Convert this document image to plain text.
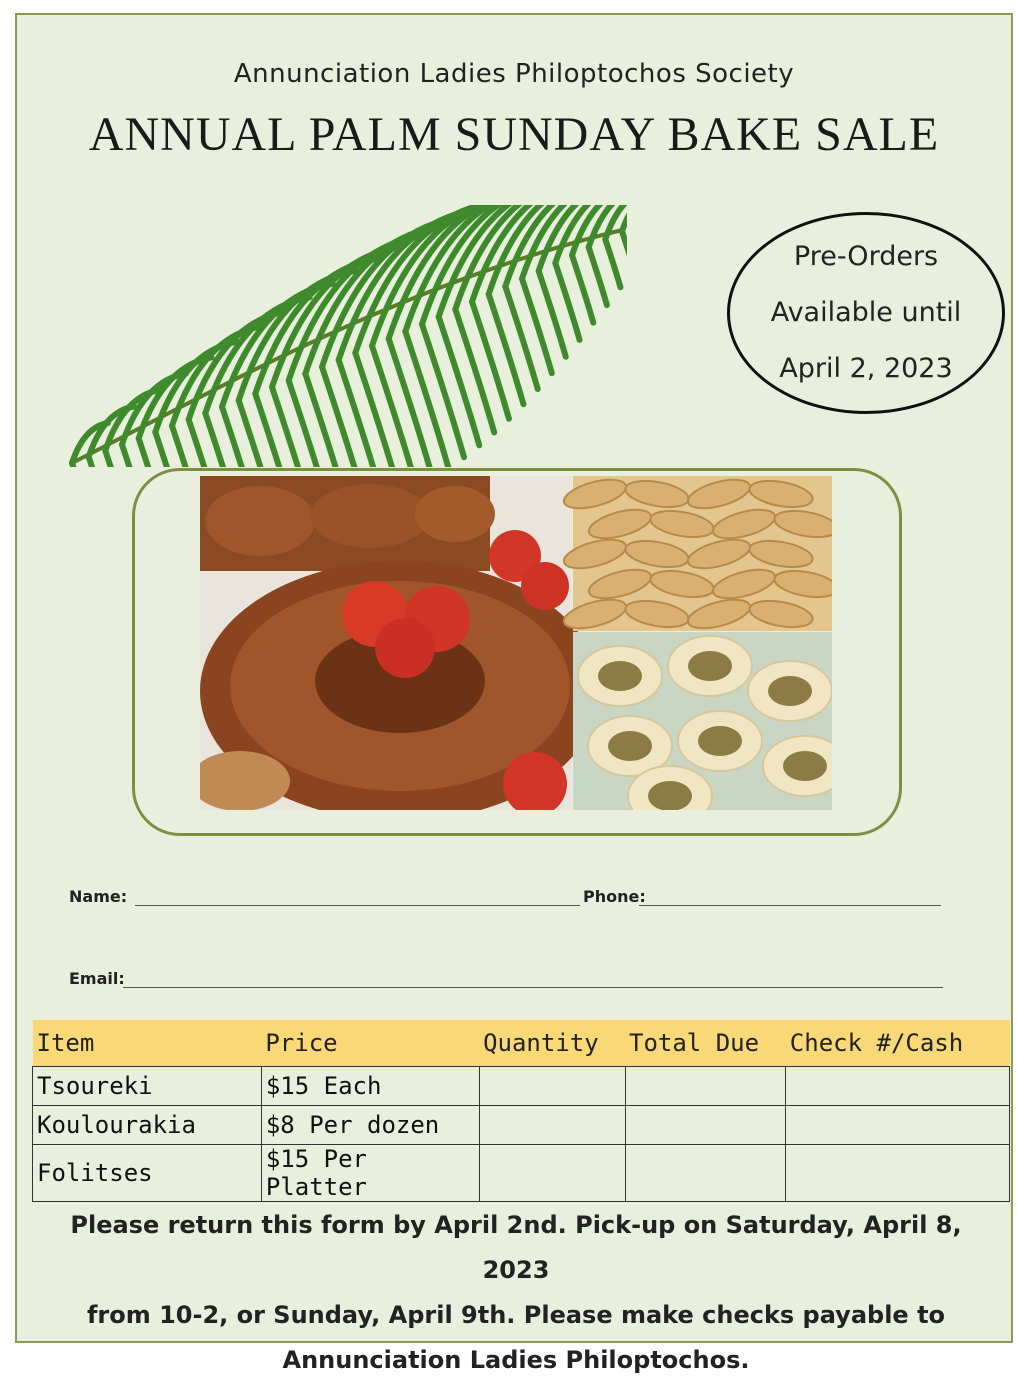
Annunciation Ladies Philoptochos Society
ANNUAL PALM SUNDAY BAKE SALE
Pre-Orders
Available until
April 2, 2023
Name:	Phone:
Email:
Item	Price	Quantity	Total Due	Check #/Cash
Tsoureki	$15 Each			
Koulourakia	$8 Per dozen			
Folitses	$15 Per Platter			
Please return this form by April 2nd. Pick-up on Saturday, April 8, 2023
from 10-2, or Sunday, April 9th. Please make checks payable to
Annunciation Ladies Philoptochos.
